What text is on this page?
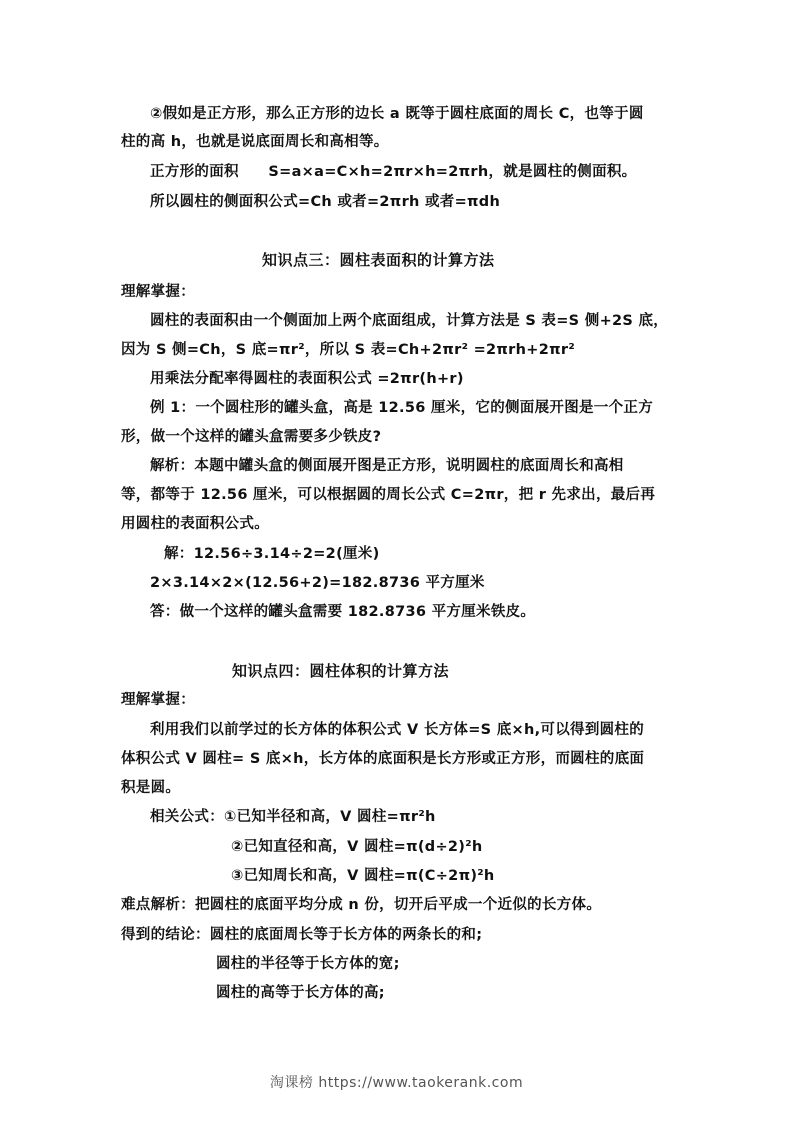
②假如是正方形，那么正方形的边长 a 既等于圆柱底面的周长 C，也等于圆
柱的高 h，也就是说底面周长和高相等。
正方形的面积　　S=a×a=C×h=2πr×h=2πrh，就是圆柱的侧面积。
所以圆柱的侧面积公式=Ch 或者=2πrh 或者=πdh
知识点三：圆柱表面积的计算方法
理解掌握：
圆柱的表面积由一个侧面加上两个底面组成，计算方法是 S 表=S 侧+2S 底，
因为 S 侧=Ch，S 底=πr²，所以 S 表=Ch+2πr² =2πrh+2πr²
用乘法分配率得圆柱的表面积公式 =2πr(h+r)
例 1：一个圆柱形的罐头盒，高是 12.56 厘米，它的侧面展开图是一个正方
形，做一个这样的罐头盒需要多少铁皮?
解析：本题中罐头盒的侧面展开图是正方形，说明圆柱的底面周长和高相
等，都等于 12.56 厘米，可以根据圆的周长公式 C=2πr，把 r 先求出，最后再
用圆柱的表面积公式。
解：12.56÷3.14÷2=2(厘米)
2×3.14×2×(12.56+2)=182.8736 平方厘米
答：做一个这样的罐头盒需要 182.8736 平方厘米铁皮。
知识点四：圆柱体积的计算方法
理解掌握：
利用我们以前学过的长方体的体积公式 V 长方体=S 底×h,可以得到圆柱的
体积公式 V 圆柱= S 底×h，长方体的底面积是长方形或正方形，而圆柱的底面
积是圆。
相关公式：①已知半径和高，V 圆柱=πr²h
②已知直径和高，V 圆柱=π(d÷2)²h
③已知周长和高，V 圆柱=π(C÷2π)²h
难点解析：把圆柱的底面平均分成 n 份，切开后平成一个近似的长方体。
得到的结论：圆柱的底面周长等于长方体的两条长的和;
圆柱的半径等于长方体的宽;
圆柱的高等于长方体的高;
淘课榜 https://www.taokerank.com
